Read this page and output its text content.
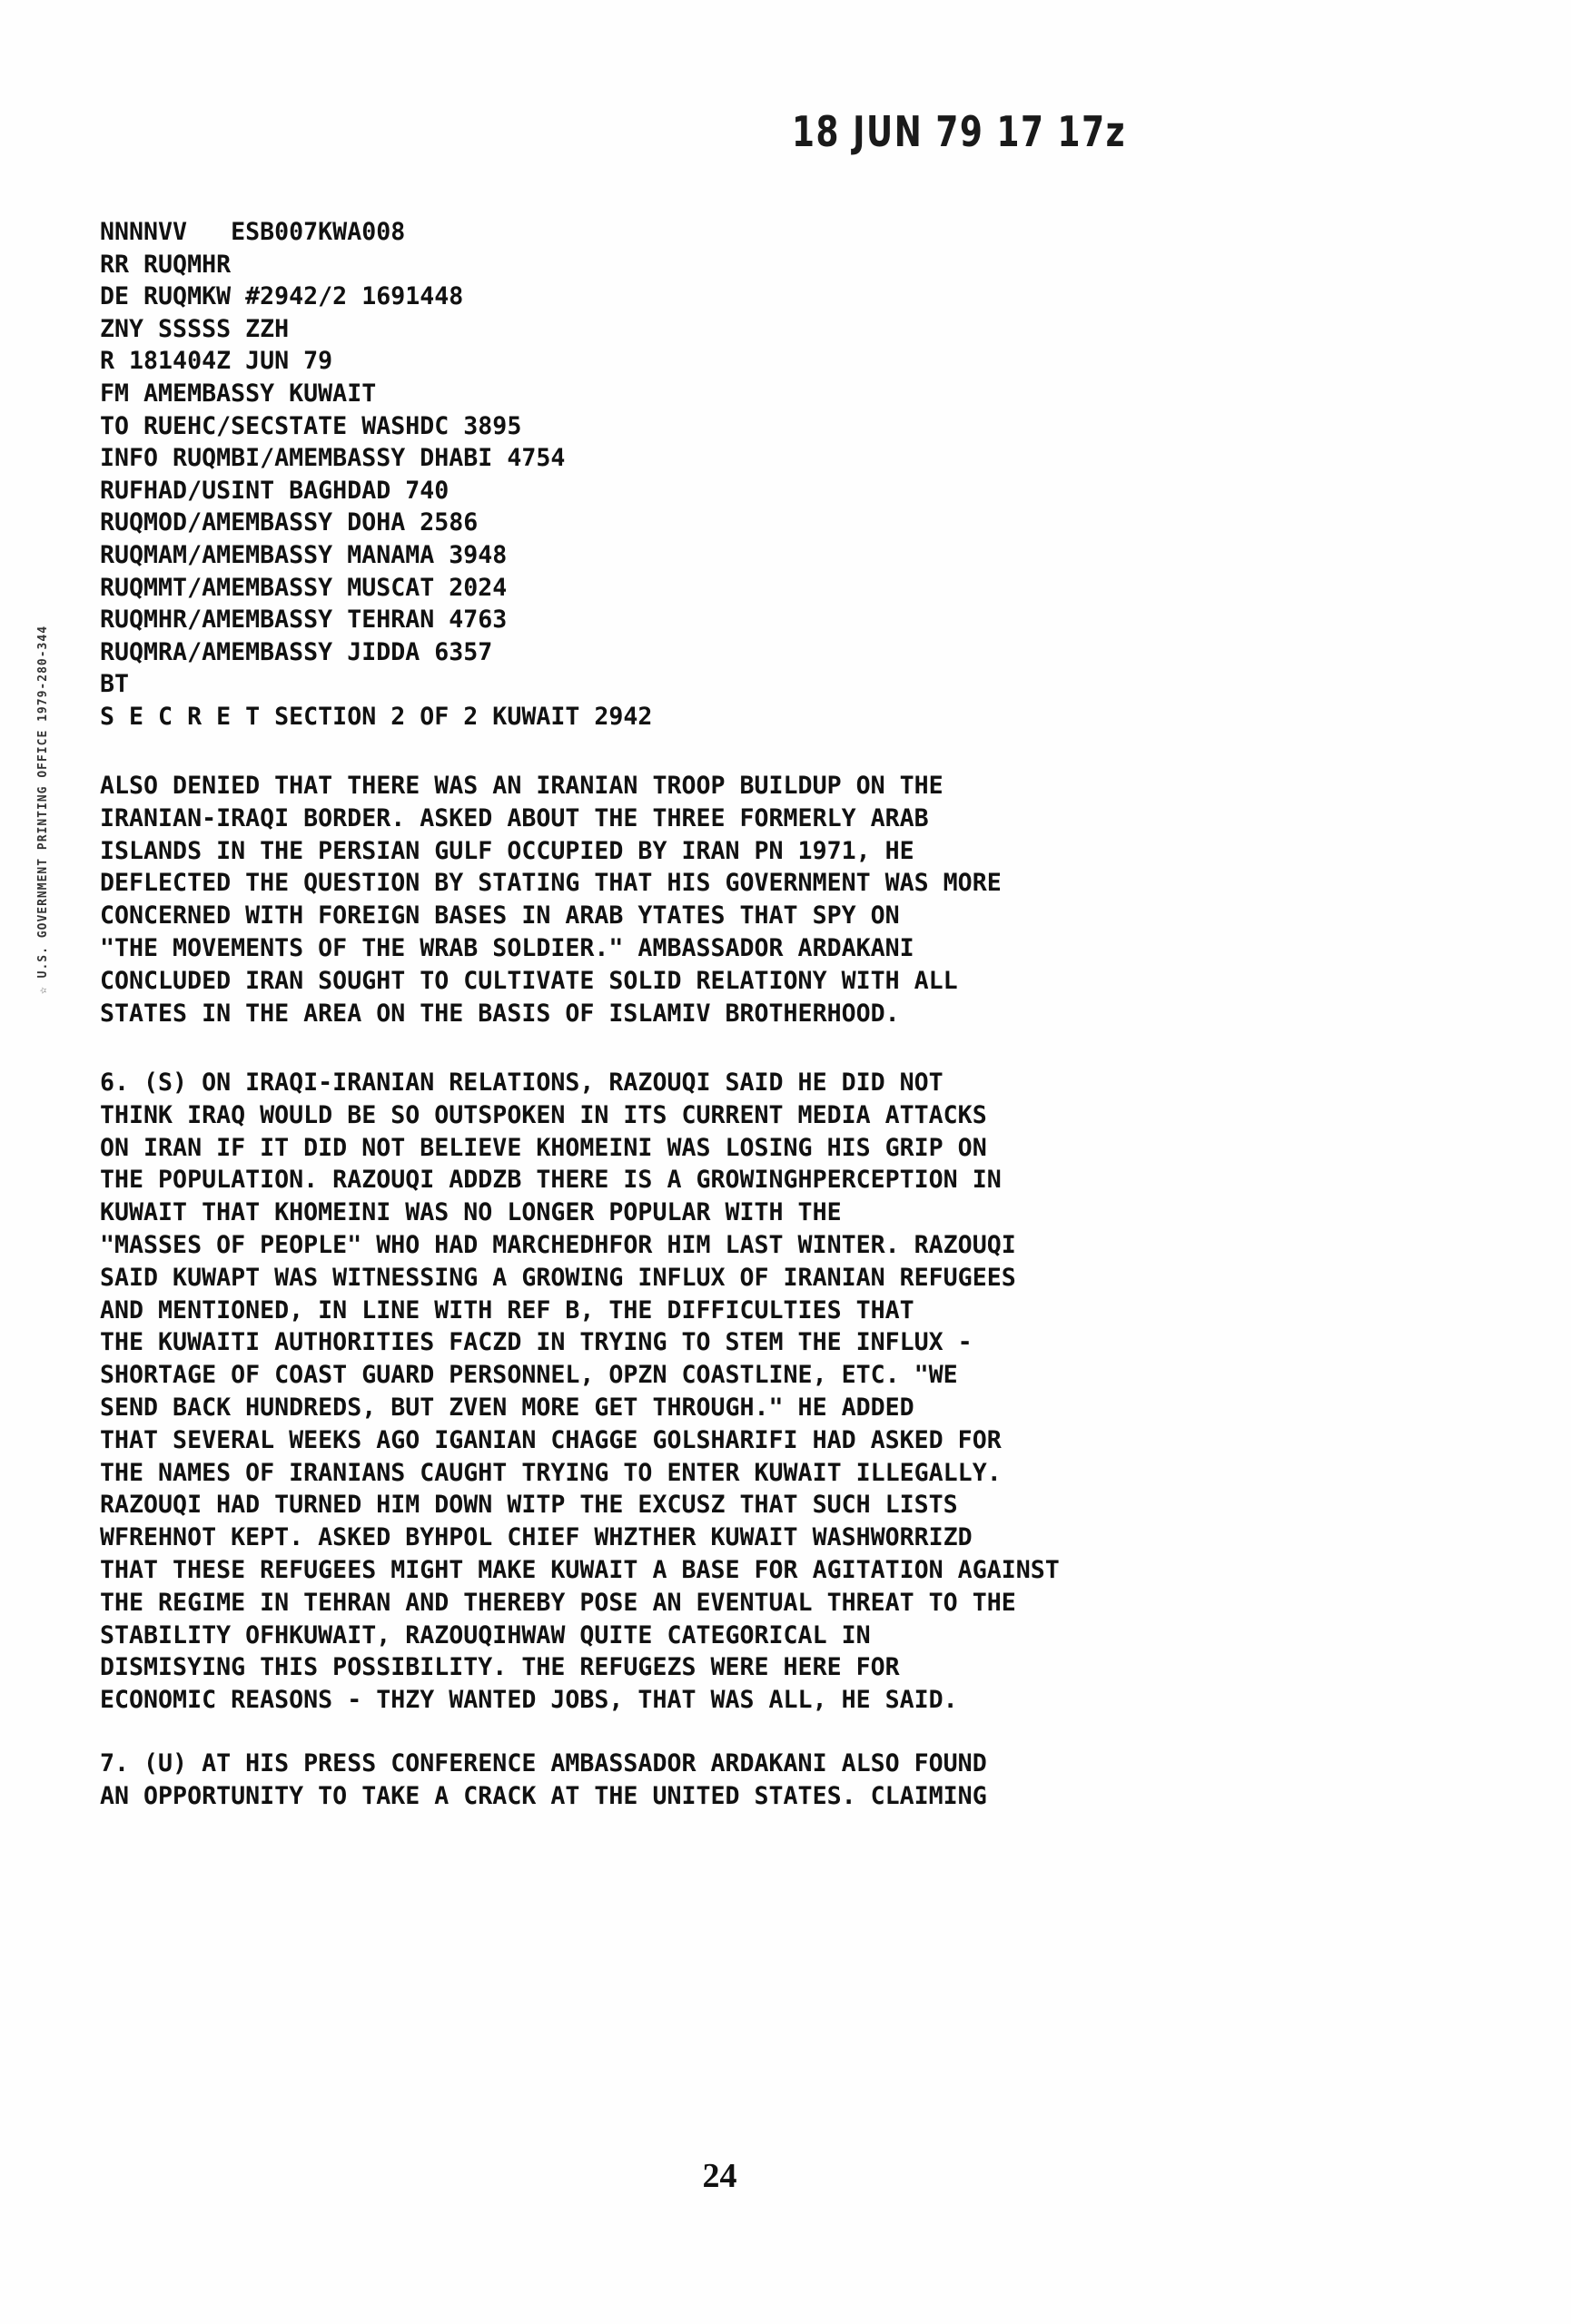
18 JUN 79 17 17z
☆ U.S. GOVERNMENT PRINTING OFFICE 1979-280-344
NNNNVV   ESB007KWA008
RR RUQMHR
DE RUQMKW #2942/2 1691448
ZNY SSSSS ZZH
R 181404Z JUN 79
FM AMEMBASSY KUWAIT
TO RUEHC/SECSTATE WASHDC 3895
INFO RUQMBI/AMEMBASSY DHABI 4754
RUFHAD/USINT BAGHDAD 740
RUQMOD/AMEMBASSY DOHA 2586
RUQMAM/AMEMBASSY MANAMA 3948
RUQMMT/AMEMBASSY MUSCAT 2024
RUQMHR/AMEMBASSY TEHRAN 4763
RUQMRA/AMEMBASSY JIDDA 6357
BT
S E C R E T SECTION 2 OF 2 KUWAIT 2942
ALSO DENIED THAT THERE WAS AN IRANIAN TROOP BUILDUP ON THE
IRANIAN-IRAQI BORDER. ASKED ABOUT THE THREE FORMERLY ARAB
ISLANDS IN THE PERSIAN GULF OCCUPIED BY IRAN PN 1971, HE
DEFLECTED THE QUESTION BY STATING THAT HIS GOVERNMENT WAS MORE
CONCERNED WITH FOREIGN BASES IN ARAB YTATES THAT SPY ON
"THE MOVEMENTS OF THE WRAB SOLDIER." AMBASSADOR ARDAKANI
CONCLUDED IRAN SOUGHT TO CULTIVATE SOLID RELATIONY WITH ALL
STATES IN THE AREA ON THE BASIS OF ISLAMIV BROTHERHOOD.
6. (S) ON IRAQI-IRANIAN RELATIONS, RAZOUQI SAID HE DID NOT
THINK IRAQ WOULD BE SO OUTSPOKEN IN ITS CURRENT MEDIA ATTACKS
ON IRAN IF IT DID NOT BELIEVE KHOMEINI WAS LOSING HIS GRIP ON
THE POPULATION. RAZOUQI ADDZB THERE IS A GROWINGHPERCEPTION IN
KUWAIT THAT KHOMEINI WAS NO LONGER POPULAR WITH THE
"MASSES OF PEOPLE" WHO HAD MARCHEDHFOR HIM LAST WINTER. RAZOUQI
SAID KUWAPT WAS WITNESSING A GROWING INFLUX OF IRANIAN REFUGEES
AND MENTIONED, IN LINE WITH REF B, THE DIFFICULTIES THAT
THE KUWAITI AUTHORITIES FACZD IN TRYING TO STEM THE INFLUX -
SHORTAGE OF COAST GUARD PERSONNEL, OPZN COASTLINE, ETC. "WE
SEND BACK HUNDREDS, BUT ZVEN MORE GET THROUGH." HE ADDED
THAT SEVERAL WEEKS AGO IGANIAN CHAGGE GOLSHARIFI HAD ASKED FOR
THE NAMES OF IRANIANS CAUGHT TRYING TO ENTER KUWAIT ILLEGALLY.
RAZOUQI HAD TURNED HIM DOWN WITP THE EXCUSZ THAT SUCH LISTS
WFREHNOT KEPT. ASKED BYHPOL CHIEF WHZTHER KUWAIT WASHWORRIZD
THAT THESE REFUGEES MIGHT MAKE KUWAIT A BASE FOR AGITATION AGAINST
THE REGIME IN TEHRAN AND THEREBY POSE AN EVENTUAL THREAT TO THE
STABILITY OFHKUWAIT, RAZOUQIHWAW QUITE CATEGORICAL IN
DISMISYING THIS POSSIBILITY. THE REFUGEZS WERE HERE FOR
ECONOMIC REASONS - THZY WANTED JOBS, THAT WAS ALL, HE SAID.
7. (U) AT HIS PRESS CONFERENCE AMBASSADOR ARDAKANI ALSO FOUND
AN OPPORTUNITY TO TAKE A CRACK AT THE UNITED STATES. CLAIMING
24
